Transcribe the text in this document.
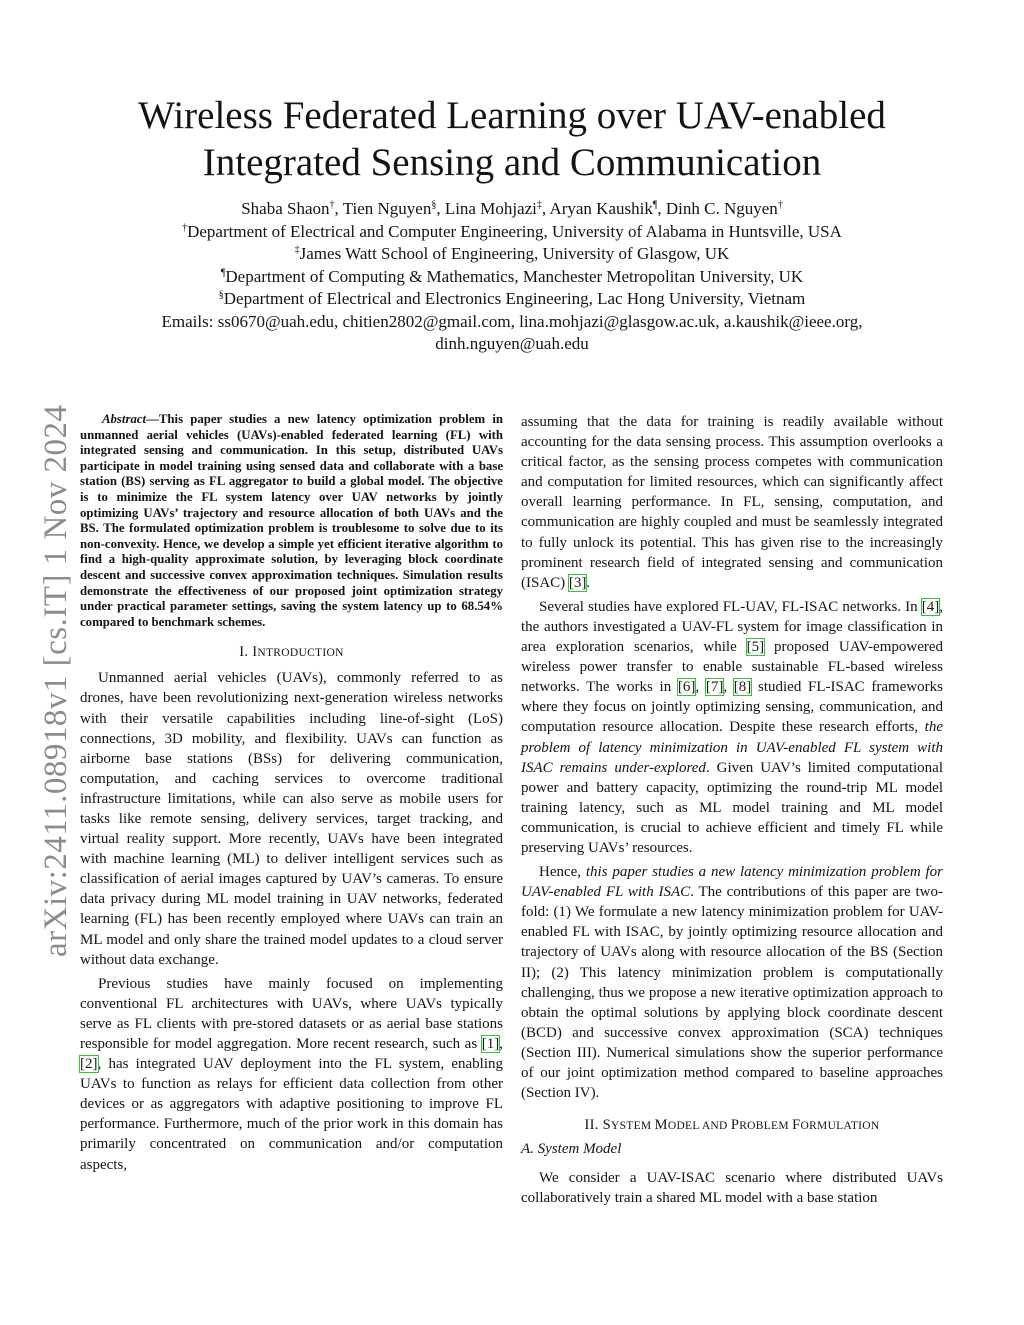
arXiv:2411.08918v1 [cs.IT] 1 Nov 2024
Wireless Federated Learning over UAV-enabled
Integrated Sensing and Communication
Shaba Shaon†, Tien Nguyen§, Lina Mohjazi‡, Aryan Kaushik¶, Dinh C. Nguyen†
†Department of Electrical and Computer Engineering, University of Alabama in Huntsville, USA
‡James Watt School of Engineering, University of Glasgow, UK
¶Department of Computing & Mathematics, Manchester Metropolitan University, UK
§Department of Electrical and Electronics Engineering, Lac Hong University, Vietnam
Emails: ss0670@uah.edu, chitien2802@gmail.com, lina.mohjazi@glasgow.ac.uk, a.kaushik@ieee.org,
dinh.nguyen@uah.edu

Abstract—This paper studies a new latency optimization problem in unmanned aerial vehicles (UAVs)-enabled federated learning (FL) with integrated sensing and communication. In this setup, distributed UAVs participate in model training using sensed data and collaborate with a base station (BS) serving as FL aggregator to build a global model. The objective is to minimize the FL system latency over UAV networks by jointly optimizing UAVs’ trajectory and resource allocation of both UAVs and the BS. The formulated optimization problem is troublesome to solve due to its non-convexity. Hence, we develop a simple yet efficient iterative algorithm to find a high-quality approximate solution, by leveraging block coordinate descent and successive convex approximation techniques. Simulation results demonstrate the effectiveness of our proposed joint optimization strategy under practical parameter settings, saving the system latency up to 68.54% compared to benchmark schemes.

I. INTRODUCTION

Unmanned aerial vehicles (UAVs), commonly referred to as drones, have been revolutionizing next-generation wireless networks with their versatile capabilities including line-of-sight (LoS) connections, 3D mobility, and flexibility. UAVs can function as airborne base stations (BSs) for delivering communication, computation, and caching services to overcome traditional infrastructure limitations, while can also serve as mobile users for tasks like remote sensing, delivery services, target tracking, and virtual reality support. More recently, UAVs have been integrated with machine learning (ML) to deliver intelligent services such as classification of aerial images captured by UAV’s cameras. To ensure data privacy during ML model training in UAV networks, federated learning (FL) has been recently employed where UAVs can train an ML model and only share the trained model updates to a cloud server without data exchange.

Previous studies have mainly focused on implementing conventional FL architectures with UAVs, where UAVs typically serve as FL clients with pre-stored datasets or as aerial base stations responsible for model aggregation. More recent research, such as [1], [2], has integrated UAV deployment into the FL system, enabling UAVs to function as relays for efficient data collection from other devices or as aggregators with adaptive positioning to improve FL performance. Furthermore, much of the prior work in this domain has primarily concentrated on communication and/or computation aspects,

assuming that the data for training is readily available without accounting for the data sensing process. This assumption overlooks a critical factor, as the sensing process competes with communication and computation for limited resources, which can significantly affect overall learning performance. In FL, sensing, computation, and communication are highly coupled and must be seamlessly integrated to fully unlock its potential. This has given rise to the increasingly prominent research field of integrated sensing and communication (ISAC) [3].

Several studies have explored FL-UAV, FL-ISAC networks. In [4], the authors investigated a UAV-FL system for image classification in area exploration scenarios, while [5] proposed UAV-empowered wireless power transfer to enable sustainable FL-based wireless networks. The works in [6], [7], [8] studied FL-ISAC frameworks where they focus on jointly optimizing sensing, communication, and computation resource allocation. Despite these research efforts, the problem of latency minimization in UAV-enabled FL system with ISAC remains under-explored. Given UAV’s limited computational power and battery capacity, optimizing the round-trip ML model training latency, such as ML model training and ML model communication, is crucial to achieve efficient and timely FL while preserving UAVs’ resources.

Hence, this paper studies a new latency minimization problem for UAV-enabled FL with ISAC. The contributions of this paper are two-fold: (1) We formulate a new latency minimization problem for UAV-enabled FL with ISAC, by jointly optimizing resource allocation and trajectory of UAVs along with resource allocation of the BS (Section II); (2) This latency minimization problem is computationally challenging, thus we propose a new iterative optimization approach to obtain the optimal solutions by applying block coordinate descent (BCD) and successive convex approximation (SCA) techniques (Section III). Numerical simulations show the superior performance of our joint optimization method compared to baseline approaches (Section IV).

II. SYSTEM MODEL AND PROBLEM FORMULATION
A. System Model

We consider a UAV-ISAC scenario where distributed UAVs collaboratively train a shared ML model with a base station
